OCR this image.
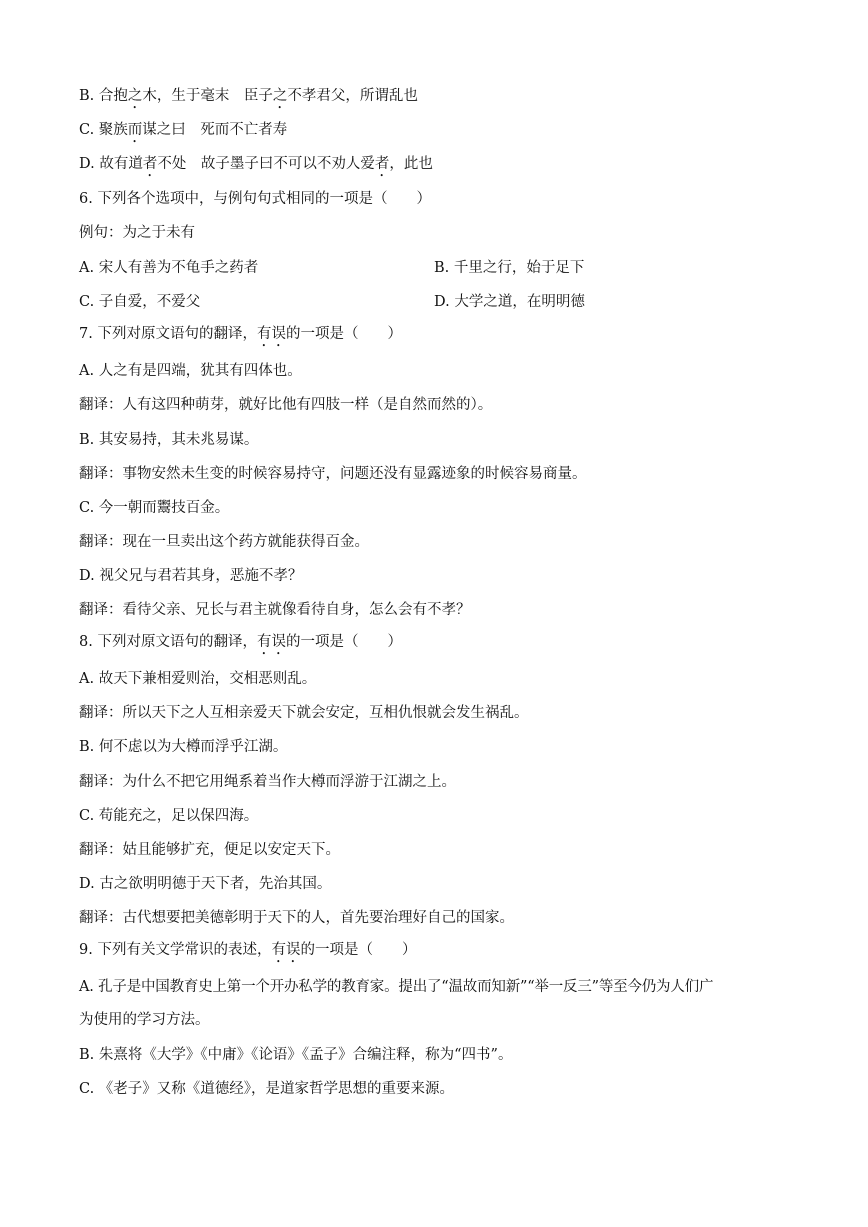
B. 合抱之木，生于毫末　臣子之不孝君父，所谓乱也
C. 聚族而谋之曰　死而不亡者寿
D. 故有道者不处　故子墨子曰不可以不劝人爱者，此也
6. 下列各个选项中，与例句句式相同的一项是（　　）
例句：为之于未有
A. 宋人有善为不龟手之药者	B. 千里之行，始于足下
C. 子自爱，不爱父	D. 大学之道，在明明德
7. 下列对原文语句的翻译，有误的一项是（　　）
A. 人之有是四端，犹其有四体也。
翻译：人有这四种萌芽，就好比他有四肢一样（是自然而然的）。
B. 其安易持，其未兆易谋。
翻译：事物安然未生变的时候容易持守，问题还没有显露迹象的时候容易商量。
C. 今一朝而鬻技百金。
翻译：现在一旦卖出这个药方就能获得百金。
D. 视父兄与君若其身，恶施不孝？
翻译：看待父亲、兄长与君主就像看待自身，怎么会有不孝？
8. 下列对原文语句的翻译，有误的一项是（　　）
A. 故天下兼相爱则治，交相恶则乱。
翻译：所以天下之人互相亲爱天下就会安定，互相仇恨就会发生祸乱。
B. 何不虑以为大樽而浮乎江湖。
翻译：为什么不把它用绳系着当作大樽而浮游于江湖之上。
C. 苟能充之，足以保四海。
翻译：姑且能够扩充，便足以安定天下。
D. 古之欲明明德于天下者，先治其国。
翻译：古代想要把美德彰明于天下的人，首先要治理好自己的国家。
9. 下列有关文学常识的表述，有误的一项是（　　）
A. 孔子是中国教育史上第一个开办私学的教育家。提出了“温故而知新”“举一反三”等至今仍为人们广
为使用的学习方法。
B. 朱熹将《大学》《中庸》《论语》《孟子》合编注释，称为“四书”。
C. 《老子》又称《道德经》，是道家哲学思想的重要来源。
